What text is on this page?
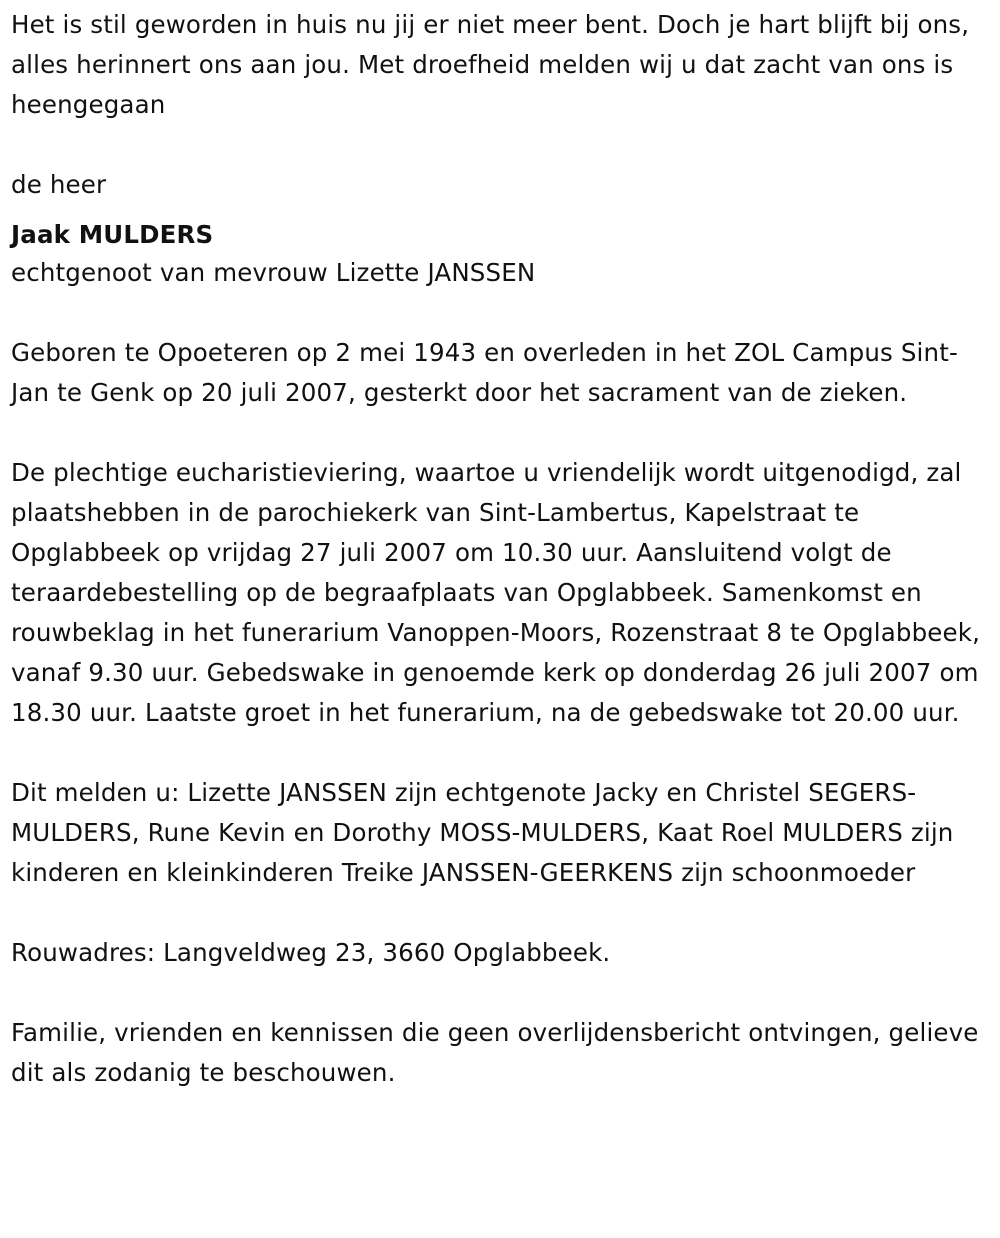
Het is stil geworden in huis nu jij er niet meer bent. Doch je hart blijft bij ons, alles herinnert ons aan jou. Met droefheid melden wij u dat zacht van ons is heengegaan

de heer

Jaak MULDERS

echtgenoot van mevrouw Lizette JANSSEN

Geboren te Opoeteren op 2 mei 1943 en overleden in het ZOL Campus Sint-Jan te Genk op 20 juli 2007, gesterkt door het sacrament van de zieken.

De plechtige eucharistieviering, waartoe u vriendelijk wordt uitgenodigd, zal plaatshebben in de parochiekerk van Sint-Lambertus, Kapelstraat te Opglabbeek op vrijdag 27 juli 2007 om 10.30 uur. Aansluitend volgt de teraardebestelling op de begraafplaats van Opglabbeek. Samenkomst en rouwbeklag in het funerarium Vanoppen-Moors, Rozenstraat 8 te Opglabbeek, vanaf 9.30 uur. Gebedswake in genoemde kerk op donderdag 26 juli 2007 om 18.30 uur. Laatste groet in het funerarium, na de gebedswake tot 20.00 uur.

Dit melden u: Lizette JANSSEN zijn echtgenote Jacky en Christel SEGERS-MULDERS, Rune Kevin en Dorothy MOSS-MULDERS, Kaat Roel MULDERS zijn kinderen en kleinkinderen Treike JANSSEN-GEERKENS zijn schoonmoeder

Rouwadres: Langveldweg 23, 3660 Opglabbeek.

Familie, vrienden en kennissen die geen overlijdensbericht ontvingen, gelieve dit als zodanig te beschouwen.
